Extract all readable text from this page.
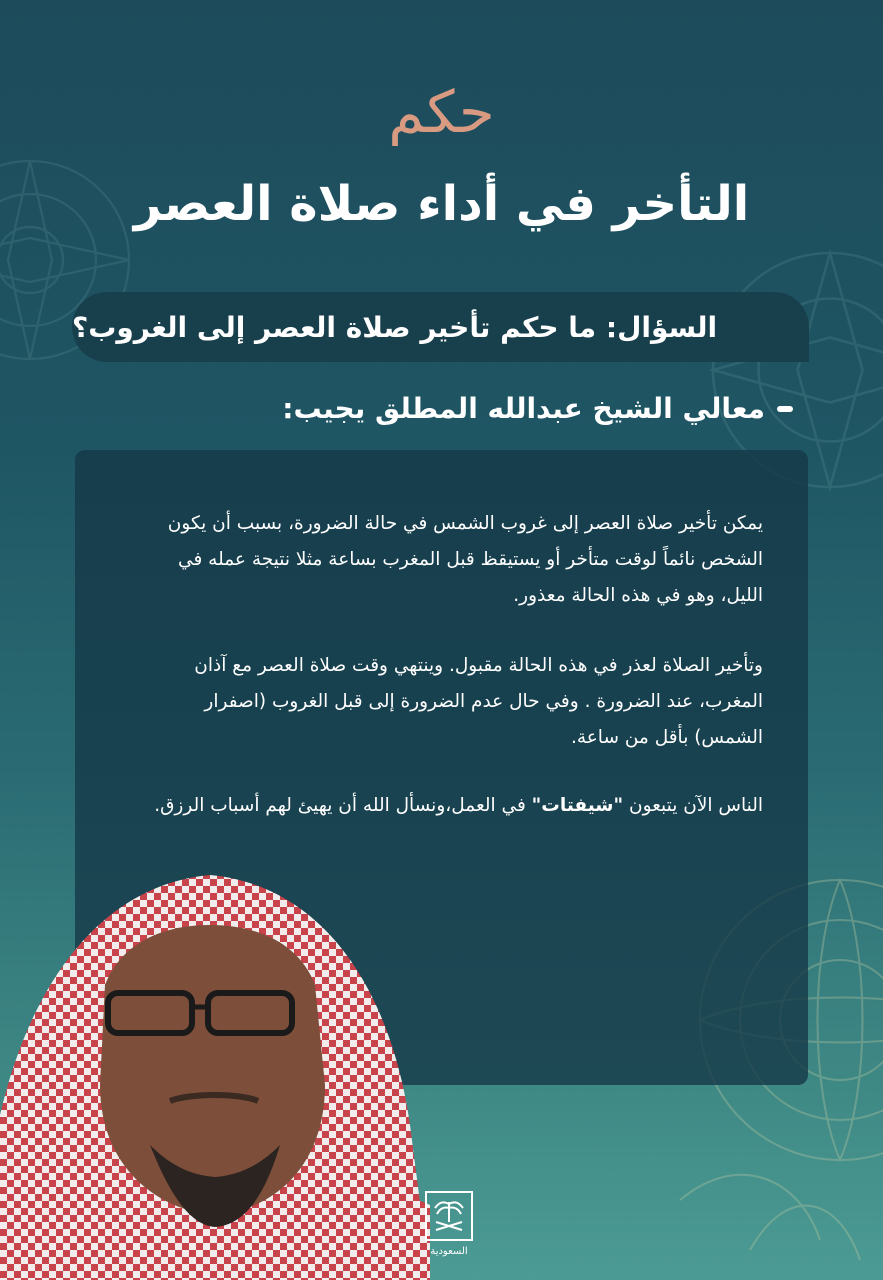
حكم
التأخر في أداء صلاة العصر
السؤال: ما حكم تأخير صلاة العصر إلى الغروب؟
معالي الشيخ عبدالله المطلق يجيب:
يمكن تأخير صلاة العصر إلى غروب الشمس في حالة الضرورة، بسبب أن يكون الشخص نائماً لوقت متأخر أو يستيقظ قبل المغرب بساعة مثلا نتيجة عمله في الليل، وهو في هذه الحالة معذور.
وتأخير الصلاة لعذر في هذه الحالة مقبول. وينتهي وقت صلاة العصر مع آذان المغرب، عند الضرورة . وفي حال عدم الضرورة إلى قبل الغروب (اصفرار الشمس) بأقل من ساعة.
الناس الآن يتبعون "شيفتات" في العمل،ونسأل الله أن يهيئ لهم أسباب الرزق.
السعودية
